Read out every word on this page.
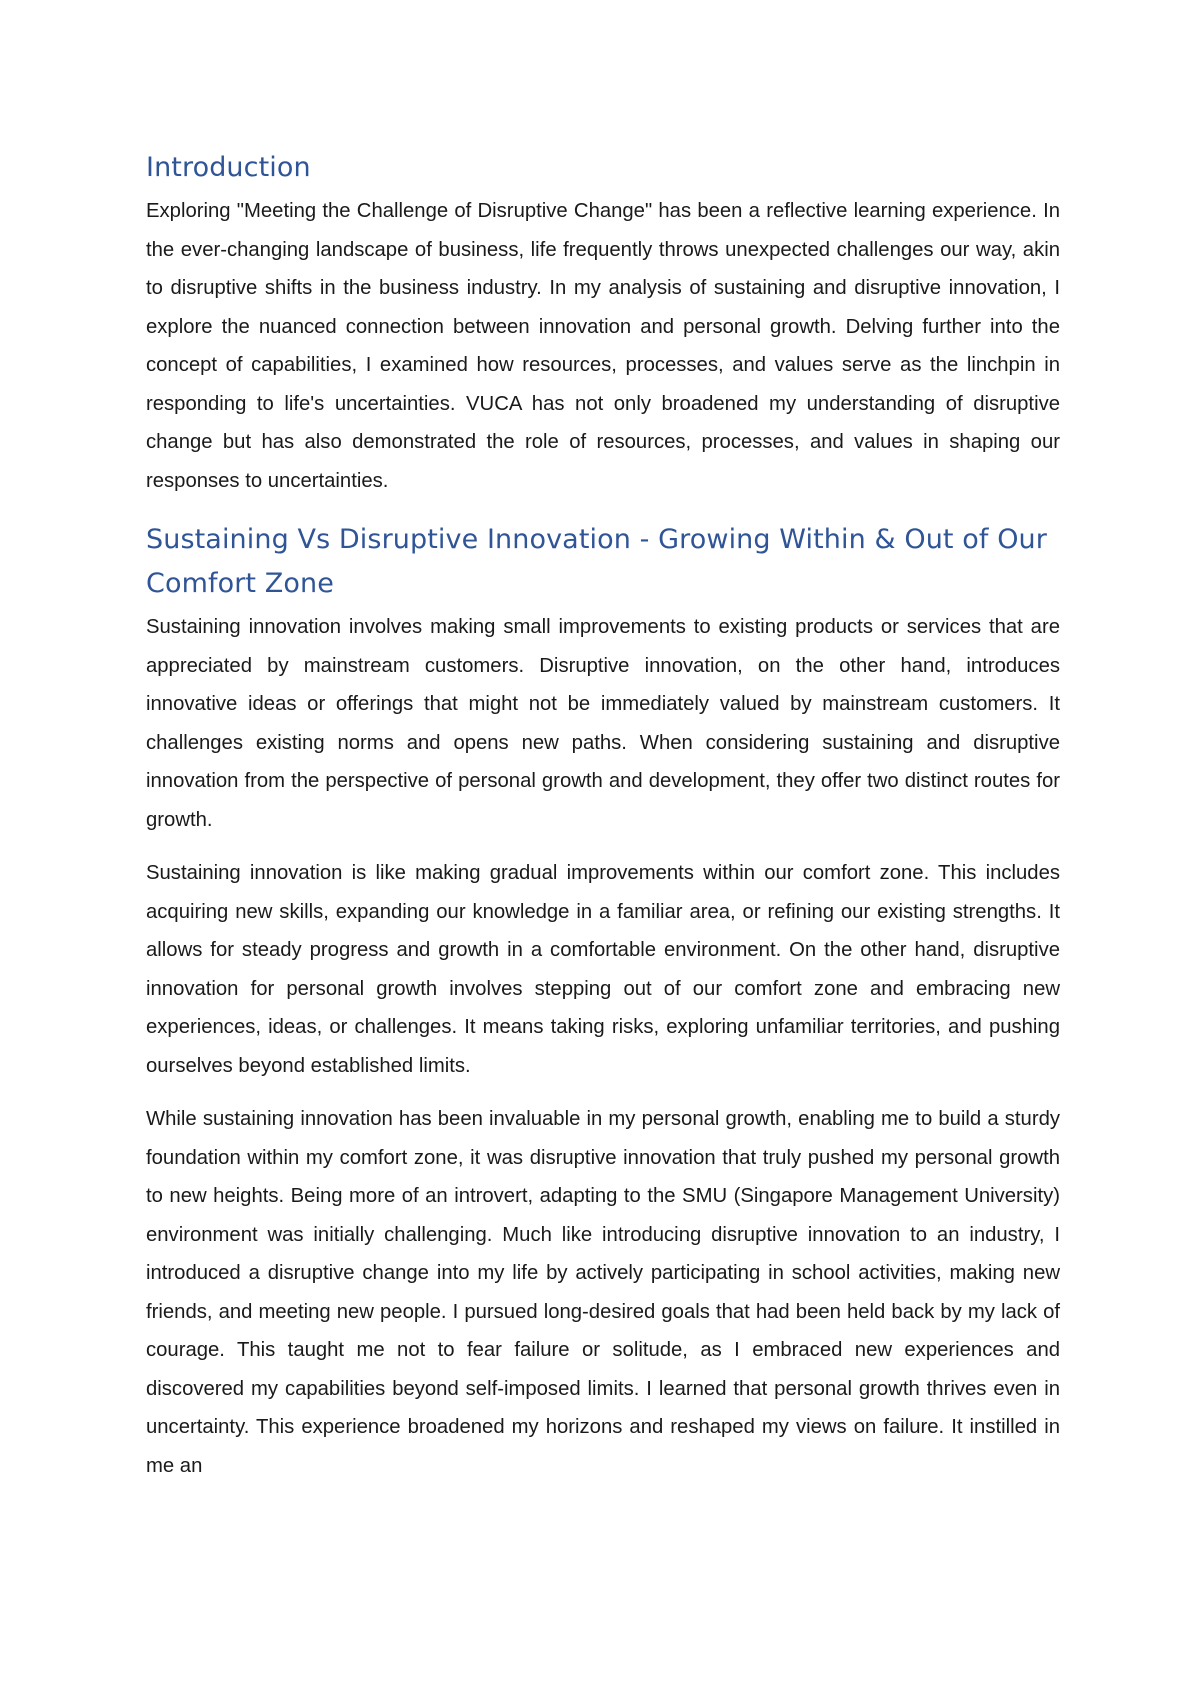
Introduction

Exploring "Meeting the Challenge of Disruptive Change" has been a reflective learning experience. In the ever-changing landscape of business, life frequently throws unexpected challenges our way, akin to disruptive shifts in the business industry. In my analysis of sustaining and disruptive innovation, I explore the nuanced connection between innovation and personal growth. Delving further into the concept of capabilities, I examined how resources, processes, and values serve as the linchpin in responding to life's uncertainties. VUCA has not only broadened my understanding of disruptive change but has also demonstrated the role of resources, processes, and values in shaping our responses to uncertainties.

Sustaining Vs Disruptive Innovation - Growing Within & Out of Our Comfort Zone

Sustaining innovation involves making small improvements to existing products or services that are appreciated by mainstream customers. Disruptive innovation, on the other hand, introduces innovative ideas or offerings that might not be immediately valued by mainstream customers. It challenges existing norms and opens new paths. When considering sustaining and disruptive innovation from the perspective of personal growth and development, they offer two distinct routes for growth.

Sustaining innovation is like making gradual improvements within our comfort zone. This includes acquiring new skills, expanding our knowledge in a familiar area, or refining our existing strengths. It allows for steady progress and growth in a comfortable environment. On the other hand, disruptive innovation for personal growth involves stepping out of our comfort zone and embracing new experiences, ideas, or challenges. It means taking risks, exploring unfamiliar territories, and pushing ourselves beyond established limits.

While sustaining innovation has been invaluable in my personal growth, enabling me to build a sturdy foundation within my comfort zone, it was disruptive innovation that truly pushed my personal growth to new heights. Being more of an introvert, adapting to the SMU (Singapore Management University) environment was initially challenging. Much like introducing disruptive innovation to an industry, I introduced a disruptive change into my life by actively participating in school activities, making new friends, and meeting new people. I pursued long-desired goals that had been held back by my lack of courage. This taught me not to fear failure or solitude, as I embraced new experiences and discovered my capabilities beyond self-imposed limits. I learned that personal growth thrives even in uncertainty. This experience broadened my horizons and reshaped my views on failure. It instilled in me an
